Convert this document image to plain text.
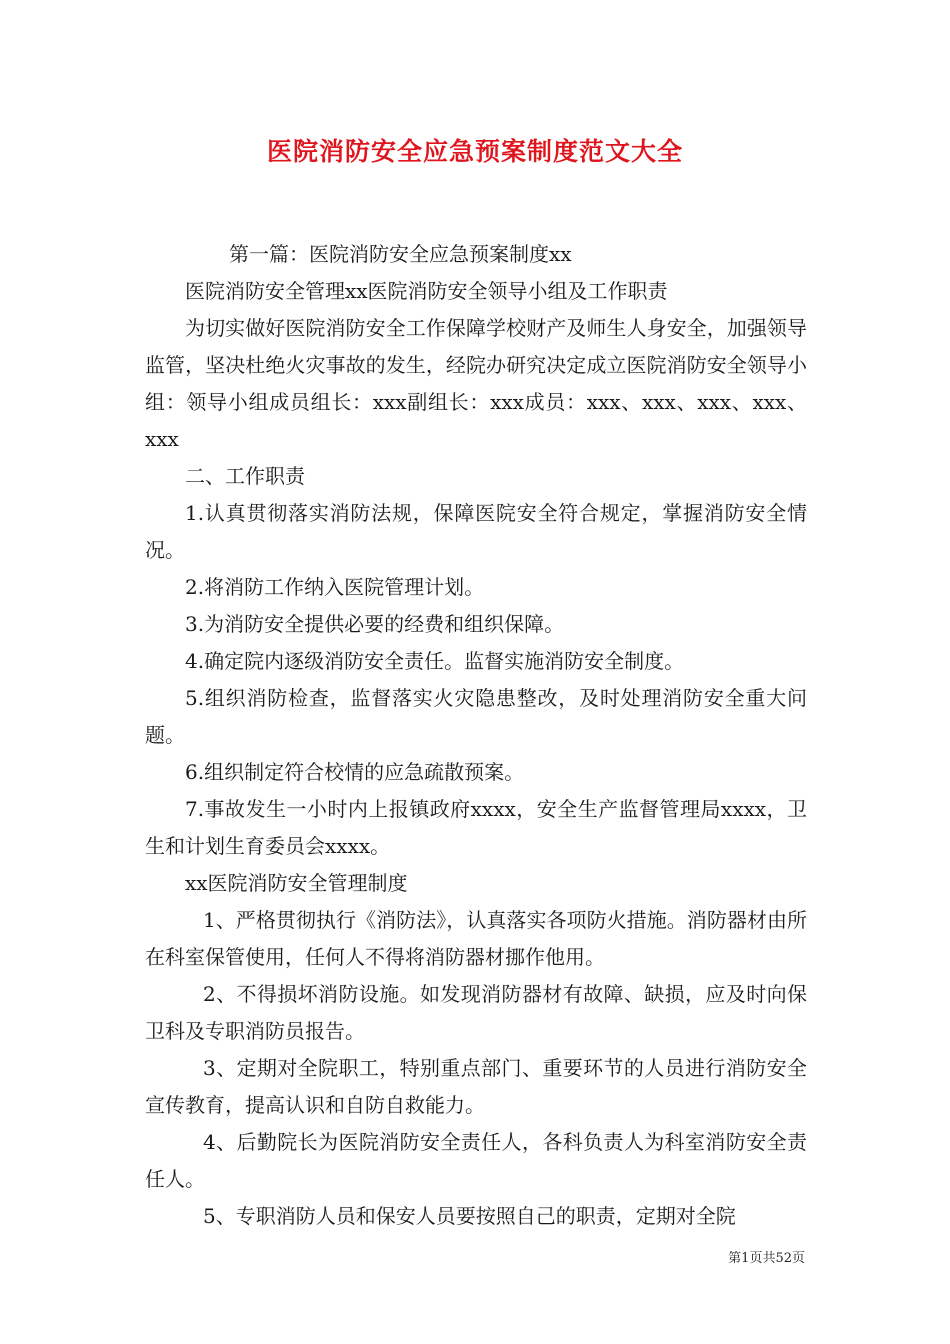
医院消防安全应急预案制度范文大全

第一篇：医院消防安全应急预案制度xx

医院消防安全管理xx医院消防安全领导小组及工作职责

为切实做好医院消防安全工作保障学校财产及师生人身安全，加强领导监管，坚决杜绝火灾事故的发生，经院办研究决定成立医院消防安全领导小组：领导小组成员组长：xxx副组长：xxx成员：xxx、xxx、xxx、xxx、xxx

二、工作职责

1.认真贯彻落实消防法规，保障医院安全符合规定，掌握消防安全情况。

2.将消防工作纳入医院管理计划。

3.为消防安全提供必要的经费和组织保障。

4.确定院内逐级消防安全责任。监督实施消防安全制度。

5.组织消防检查，监督落实火灾隐患整改，及时处理消防安全重大问题。

6.组织制定符合校情的应急疏散预案。

7.事故发生一小时内上报镇政府xxxx，安全生产监督管理局xxxx，卫生和计划生育委员会xxxx。

xx医院消防安全管理制度

1、严格贯彻执行《消防法》，认真落实各项防火措施。消防器材由所在科室保管使用，任何人不得将消防器材挪作他用。

2、不得损坏消防设施。如发现消防器材有故障、缺损，应及时向保卫科及专职消防员报告。

3、定期对全院职工，特别重点部门、重要环节的人员进行消防安全宣传教育，提高认识和自防自救能力。

4、后勤院长为医院消防安全责任人，各科负责人为科室消防安全责任人。

5、专职消防人员和保安人员要按照自己的职责，定期对全院

第1页共52页
